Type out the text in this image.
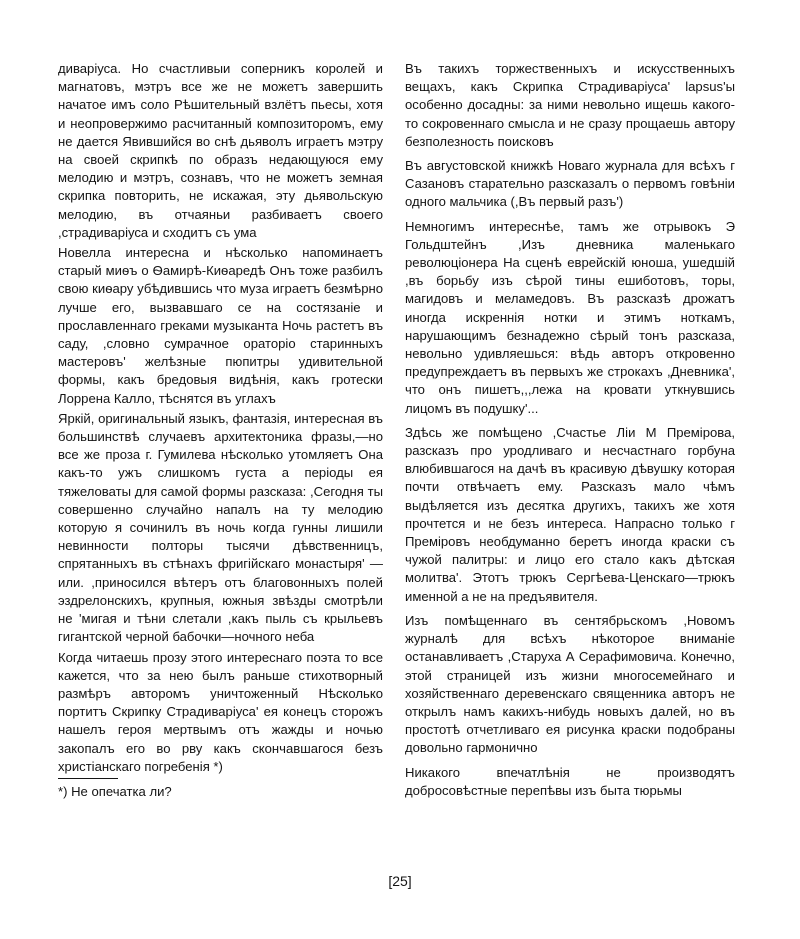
диваріуса. Но счастливыи соперникъ королей и магнатовъ, мэтръ все же не можетъ завершить начатое имъ соло Рѣшительный взлётъ пьесы, хотя и неопровержимо расчитанный композиторомъ, ему не дается Явившийся во снѣ дьяволъ играетъ мэтру на своей скрипкѣ по образъ недающуюся ему мелодию и мэтръ, сознавъ, что не можетъ земная скрипка повторить, не искажая, эту дьявольскую мелодию, въ отчаяньи разбиваетъ своего ,страдиваріуса и сходитъ съ ума

Новелла интересна и нѣсколько напоминаетъ старый миѳъ о Ѳамирѣ-Киѳаредѣ Онъ тоже разбилъ свою киѳару убѣдившись что муза играетъ безмѣрно лучше его, вызвавшаго се на состязаніе и прославленнаго греками музыканта Ночь растетъ въ саду, ,словно сумрачное ораторіо старинныхъ мастеровъ' желѣзные пюпитры удивительной формы, какъ бредовыя видѣнія, какъ гротески Лоррена Калло, тѣснятся въ углахъ

Яркій, оригинальный языкъ, фантазія, интересная въ большинствѣ случаевъ архитектоника фразы,—но все же проза г. Гумилева нѣсколько утомляетъ Она какъ-то ужъ слишкомъ густа а періоды ея тяжеловаты для самой формы разсказа: ,Сегодня ты совершенно случайно напалъ на ту мелодию которую я сочинилъ въ ночь когда гунны лишили невинности полторы тысячи дѣвственницъ, спрятанныхъ въ стѣнахъ фригійскаго монастыря' —или. ,приносился вѣтеръ отъ благовонныхъ полей эздрелонскихъ, крупныя, южныя звѣзды смотрѣли не 'мигая и тѣни слетали ,какъ пыль съ крыльевъ гигантской черной бабочки—ночного неба

Когда читаешь прозу этого интереснаго поэта то все кажется, что за нею былъ раньше стихотворный размѣръ авторомъ уничтоженный Нѣсколько портитъ Скрипку Страдиваріуса' ея конецъ сторожъ нашелъ героя мертвымъ отъ жажды и ночью закопалъ его во рву какъ скончавшагося безъ христіанскаго погребенія *)

*) Не опечатка ли?

Въ такихъ торжественныхъ и искусственныхъ вещахъ, какъ Скрипка Страдиваріуса' lapsus'ы особенно досадны: за ними невольно ищешь какого-то сокровеннаго смысла и не сразу прощаешь автору безполезность поисковъ

Въ августовской книжкѣ Новаго журнала для всѣхъ г Сазановъ старательно разсказалъ о первомъ говѣнiи одного мальчика (,Въ первый разъ')

Немногимъ интереснѣе, тамъ же отрывокъ Э Гольдштейнъ ,Изъ дневника маленькаго революціонера На сценѣ еврейскій юноша, ушедшій ,въ борьбу изъ сѣрой тины ешиботовъ, торы, магидовъ и меламедовъ. Въ разсказѣ дрожатъ иногда искреннія нотки и этимъ ноткамъ, нарушающимъ безнадежно сѣрый тонъ разсказа, невольно удивляешься: вѣдь авторъ откровенно предупреждаетъ въ первыхъ же строкахъ ,Дневника', что онъ пишетъ,,,лежа на кровати уткнувшись лицомъ въ подушку'...

Здѣсь же помѣщено ,Счастье Лiи М Премірова, разсказъ про уродливаго и несчастнаго горбуна влюбившагося на дачѣ въ красивую дѣвушку которая почти отвѣчаетъ ему. Разсказъ мало чѣмъ выдѣляется изъ десятка другихъ, такихъ же хотя прочтется и не безъ интереса. Напрасно только г Преміровъ необдуманно беретъ иногда краски съ чужой палитры: и лицо его стало какъ дѣтская молитва'. Этотъ трюкъ Сергѣева-Ценскаго—трюкъ именной а не на предъявителя.

Изъ помѣщеннаго въ сентябрьскомъ ,Новомъ журналѣ для всѣхъ нѣкоторое вниманіе останавливаетъ ,Старуха А Серафимовича. Конечно, этой страницей изъ жизни многосемейнаго и хозяйственнаго деревенскаго священника авторъ не открылъ намъ какихъ-нибудь новыхъ далей, но въ простотѣ отчетливаго ея рисунка краски подобраны довольно гармонично

Никакого впечатлѣнія не производятъ добросовѣстные перепѣвы изъ быта тюрьмы

[25]
